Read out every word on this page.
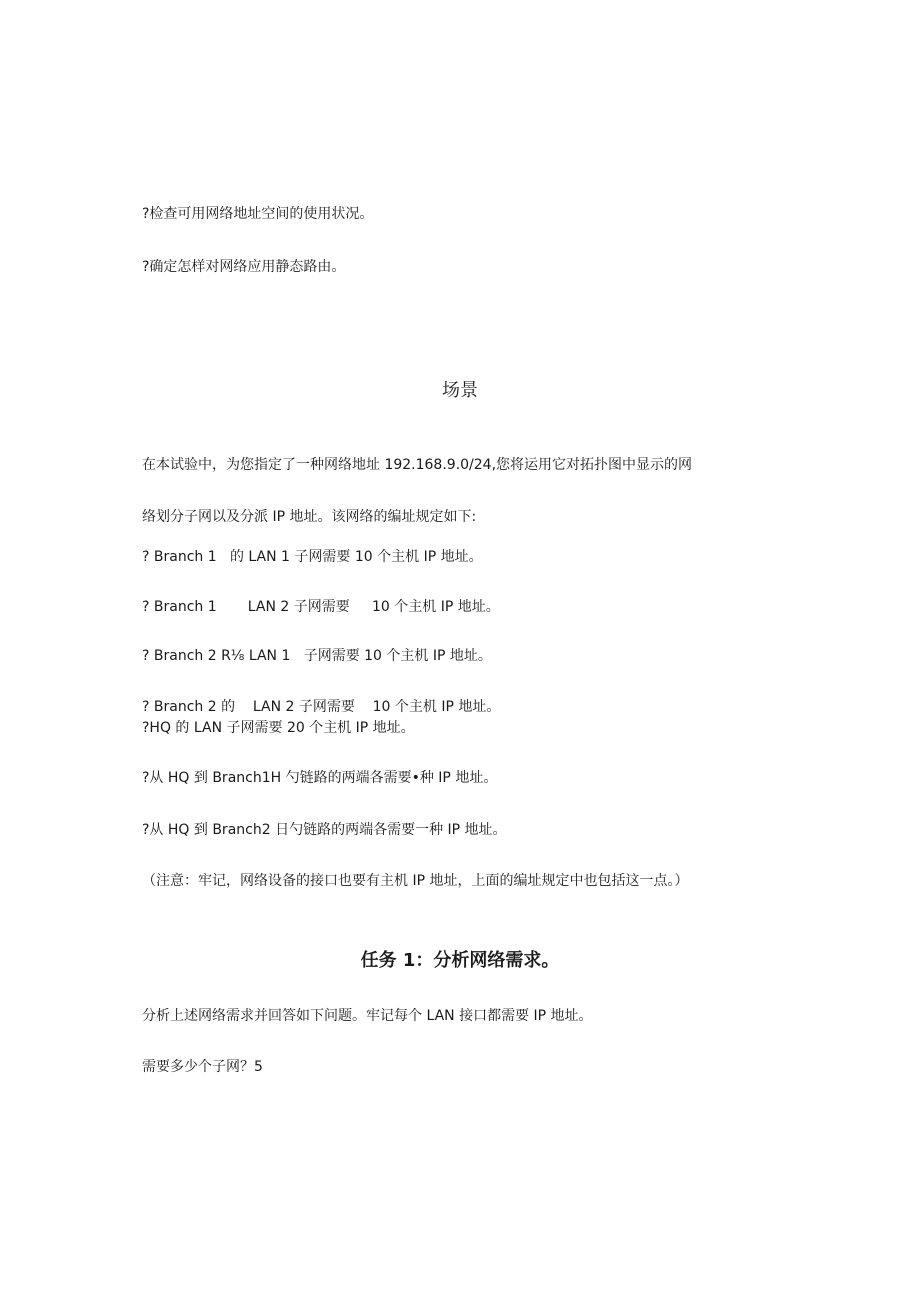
?检查可用网络地址空间的使用状况。
?确定怎样对网络应用静态路由。
场景
在本试验中，为您指定了一种网络地址 192.168.9.0/24,您将运用它对拓扑图中显示的网
络划分子网以及分派 IP 地址。该网络的编址规定如下:
? Branch 1   的 LAN 1 子网需要 10 个主机 IP 地址。
? Branch 1       LAN 2 子网需要     10 个主机 IP 地址。
? Branch 2 R⅛ LAN 1   子网需要 10 个主机 IP 地址。
? Branch 2 的    LAN 2 子网需要    10 个主机 IP 地址。
?HQ 的 LAN 子网需要 20 个主机 IP 地址。
?从 HQ 到 Branch1H 勺链路的两端各需要•种 IP 地址。
?从 HQ 到 Branch2 日勺链路的两端各需要一种 IP 地址。
（注意：牢记，网络设备的接口也要有主机 IP 地址，上面的编址规定中也包括这一点。）
任务 1：分析网络需求。
分析上述网络需求并回答如下问题。牢记每个 LAN 接口都需要 IP 地址。
需要多少个子网？5
